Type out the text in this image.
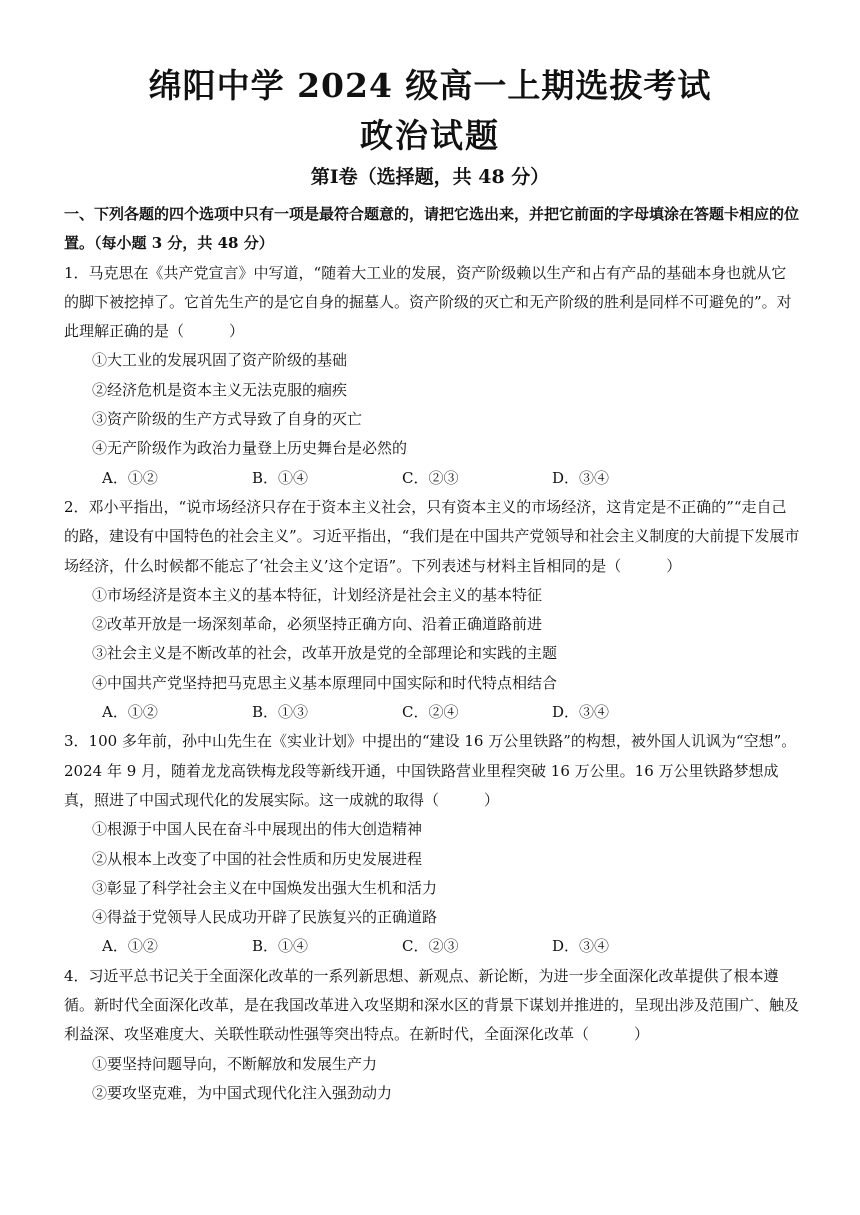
绵阳中学 2024 级高一上期选拔考试
政治试题
第Ⅰ卷（选择题，共 48 分）

一、下列各题的四个选项中只有一项是最符合题意的，请把它选出来，并把它前面的字母填涂在答题卡相应的位置。（每小题 3 分，共 48 分）

1．马克思在《共产党宣言》中写道，“随着大工业的发展，资产阶级赖以生产和占有产品的基础本身也就从它的脚下被挖掉了。它首先生产的是它自身的掘墓人。资产阶级的灭亡和无产阶级的胜利是同样不可避免的”。对此理解正确的是（　　　）

①大工业的发展巩固了资产阶级的基础

②经济危机是资本主义无法克服的痼疾

③资产阶级的生产方式导致了自身的灭亡

④无产阶级作为政治力量登上历史舞台是必然的

A．①②	B．①④	C．②③	D．③④

2．邓小平指出，“说市场经济只存在于资本主义社会，只有资本主义的市场经济，这肯定是不正确的”“走自己的路，建设有中国特色的社会主义”。习近平指出，“我们是在中国共产党领导和社会主义制度的大前提下发展市场经济，什么时候都不能忘了‘社会主义’这个定语”。下列表述与材料主旨相同的是（　　　）

①市场经济是资本主义的基本特征，计划经济是社会主义的基本特征

②改革开放是一场深刻革命，必须坚持正确方向、沿着正确道路前进

③社会主义是不断改革的社会，改革开放是党的全部理论和实践的主题

④中国共产党坚持把马克思主义基本原理同中国实际和时代特点相结合

A．①②	B．①③	C．②④	D．③④

3．100 多年前，孙中山先生在《实业计划》中提出的“建设 16 万公里铁路”的构想，被外国人讥讽为“空想”。2024 年 9 月，随着龙龙高铁梅龙段等新线开通，中国铁路营业里程突破 16 万公里。16 万公里铁路梦想成真，照进了中国式现代化的发展实际。这一成就的取得（　　　）

①根源于中国人民在奋斗中展现出的伟大创造精神

②从根本上改变了中国的社会性质和历史发展进程

③彰显了科学社会主义在中国焕发出强大生机和活力

④得益于党领导人民成功开辟了民族复兴的正确道路

A．①②	B．①④	C．②③	D．③④

4．习近平总书记关于全面深化改革的一系列新思想、新观点、新论断，为进一步全面深化改革提供了根本遵循。新时代全面深化改革，是在我国改革进入攻坚期和深水区的背景下谋划并推进的，呈现出涉及范围广、触及利益深、攻坚难度大、关联性联动性强等突出特点。在新时代，全面深化改革（　　　）

①要坚持问题导向，不断解放和发展生产力

②要攻坚克难，为中国式现代化注入强劲动力
